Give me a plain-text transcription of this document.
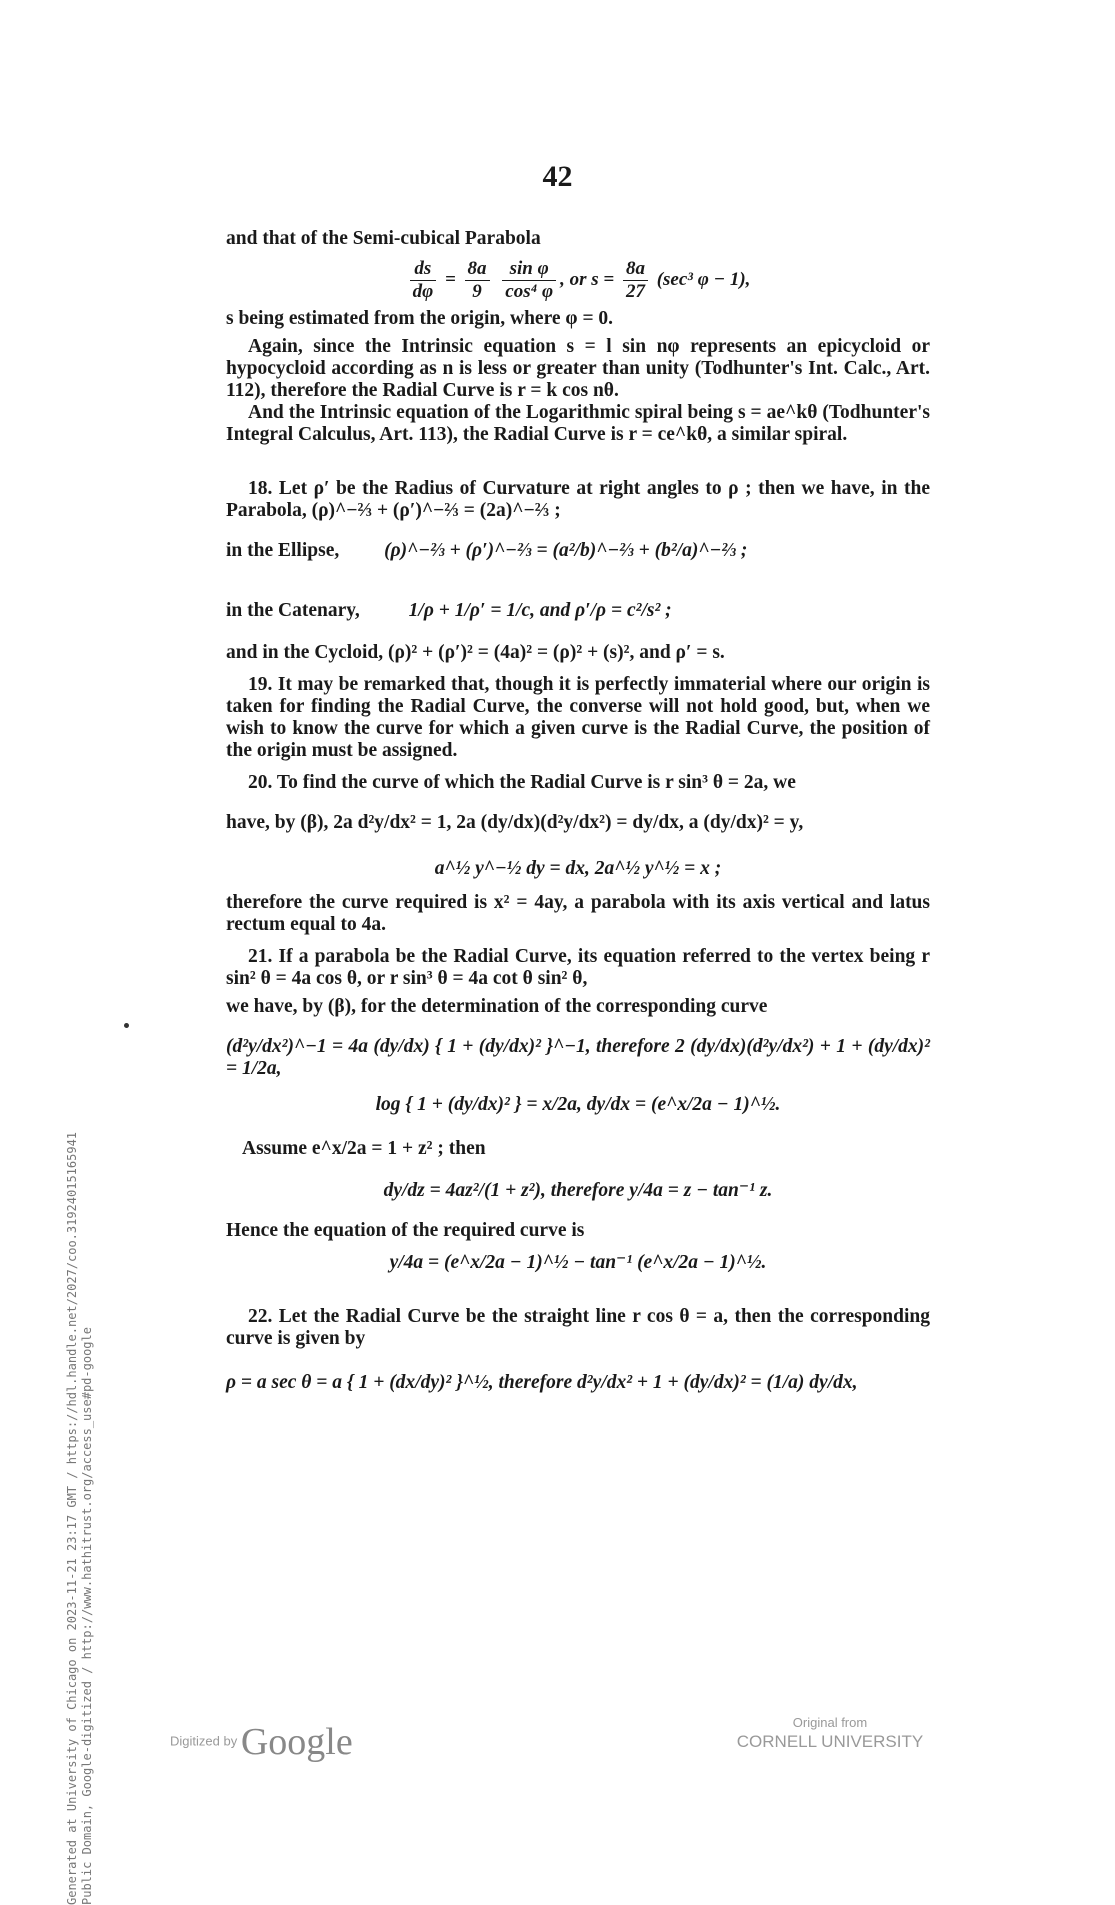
Generated at University of Chicago on 2023-11-21 23:17 GMT / https://hdl.handle.net/2027/coo.31924015165941 Public Domain, Google-digitized / http://www.hathitrust.org/access_use#pd-google
42

and that of the Semi-cubical Parabola

$\frac{ds}{d\varphi} = \frac{8a}{9}$
$\frac{\text{sin φ}}{\text{cos⁴ φ}}$ , or $s = \frac{8a}{27} (\sec^3$ φ − 1),

s being estimated from the origin, where φ = 0.

Again, since the Intrinsic equation s = l sin nφ represents an epicycloid or hypocycloid according as n is less or greater than unity (Todhunter's Int. Calc., Art. 112), therefore the Radial Curve is r = k cos nθ.

And the Intrinsic equation of the Logarithmic spiral being s = ae^kθ (Todhunter's Integral Calculus, Art. 113), the Radial Curve is r = ce^kθ, a similar spiral.

18. Let ρ′ be the Radius of Curvature at right angles to ρ ; then we have, in the Parabola, (ρ)^−⅔ + (ρ′)^−⅔ = (2a)^−⅔ ;

in the Ellipse, (ρ)^−⅔ + (ρ′)^−⅔ = (a²/b)^−⅔ + (b²/a)^−⅔ ;
in the Catenary,	1/ρ + 1/ρ′ = 1/c, and ρ′/ρ = c²/s² ;

and in the Cycloid, (ρ)² + (ρ′)² = (4a)² = (ρ)² + (s)², and ρ′ = s.

19. It may be remarked that, though it is perfectly immaterial where our origin is taken for finding the Radial Curve, the converse will not hold good, but, when we wish to know the curve for which a given curve is the Radial Curve, the position of the origin must be assigned.

20. To find the curve of which the Radial Curve is r sin³ θ = 2a, we

have, by (β), 2a d²y/dx² = 1, 2a (dy/dx)(d²y/dx²) = dy/dx, a (dy/dx)² = y,

a^½ y^−½ dy = dx, 2a^½ y^½ = x ;

therefore the curve required is x² = 4ay, a parabola with its axis vertical and latus rectum equal to 4a.

21. If a parabola be the Radial Curve, its equation referred to the vertex being r sin² θ = 4a cos θ, or r sin³ θ = 4a cot θ sin² θ,

we have, by (β), for the determination of the corresponding curve

(d²y/dx²)^−1 = 4a (dy/dx) { 1 + (dy/dx)² }^−1, therefore 2 (dy/dx)(d²y/dx²) + 1 + (dy/dx)² = 1/2a,

log { 1 + (dy/dx)² } = x/2a, dy/dx = (e^x/2a − 1)^½.

Assume e^x/2a = 1 + z² ; then

dy/dz = 4az²/(1 + z²), therefore y/4a = z − tan⁻¹ z.

Hence the equation of the required curve is

y/4a = (e^x/2a − 1)^½ − tan⁻¹ (e^x/2a − 1)^½.

22. Let the Radial Curve be the straight line r cos θ = a, then the corresponding curve is given by

ρ = a sec θ = a { 1 + (dx/dy)² }^½, therefore d²y/dx² + 1 + (dy/dx)² = (1/a) dy/dx,

Digitized by Google	Original from
CORNELL UNIVERSITY
